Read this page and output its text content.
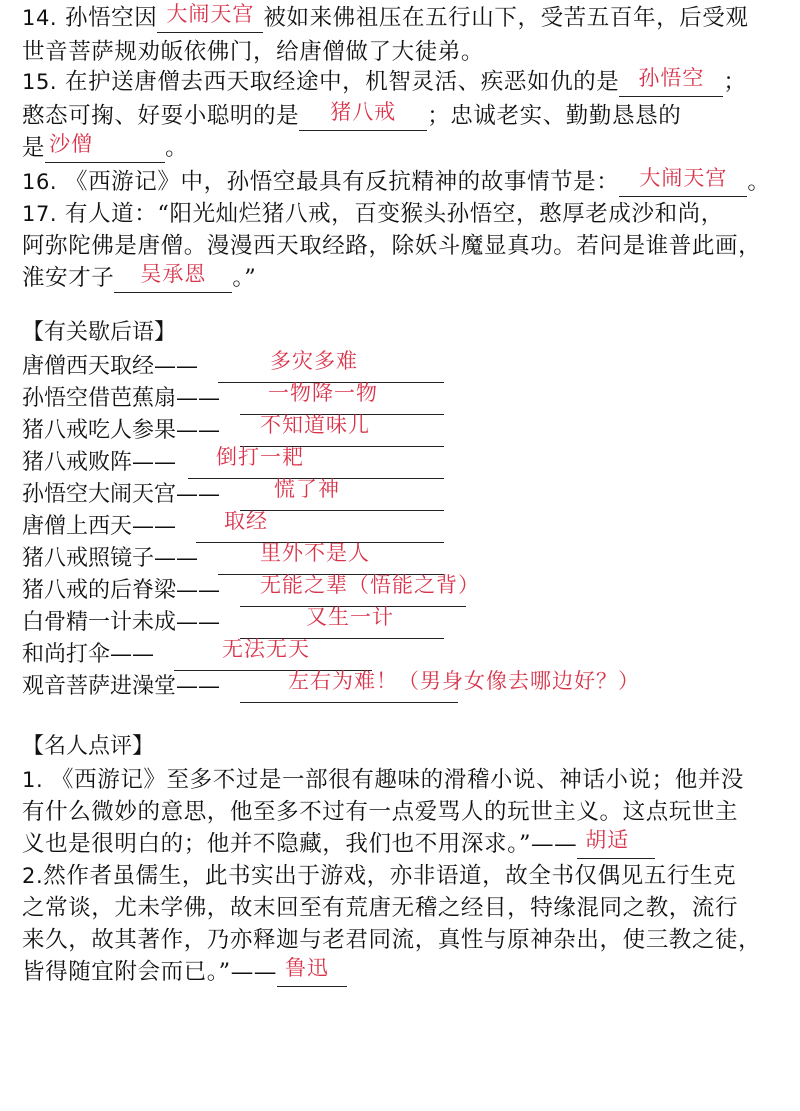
14. 孙悟空因 大闹天宫 被如来佛祖压在五行山下，受苦五百年，后受观
世音菩萨规劝皈依佛门，给唐僧做了大徒弟。
15. 在护送唐僧去西天取经途中，机智灵活、疾恶如仇的是 孙悟空 ；
憨态可掬、好耍小聪明的是 猪八戒 ；忠诚老实、勤勤恳恳的
是 沙僧	。
16. 《西游记》中，孙悟空最具有反抗精神的故事情节是： 大闹天宫 。
17. 有人道：“阳光灿烂猪八戒，百变猴头孙悟空，憨厚老成沙和尚，
阿弥陀佛是唐僧。漫漫西天取经路，除妖斗魔显真功。若问是谁普此画，
淮安才子 吴承恩 。”
【有关歇后语】
唐僧西天取经——	多灾多难
孙悟空借芭蕉扇—— 一物降一物
猪八戒吃人参果—— 不知道味儿
猪八戒败阵—— 倒打一耙
孙悟空大闹天宫——	慌了神
唐僧上西天—— 取经
猪八戒照镜子——	里外不是人
猪八戒的后脊梁—— 无能之辈（悟能之背）
白骨精一计未成——	又生一计
和尚打伞——	无法无天
观音菩萨进澡堂——	左右为难！（男身女像去哪边好？）
【名人点评】
1. 《西游记》至多不过是一部很有趣味的滑稽小说、神话小说；他并没
有什么微妙的意思，他至多不过有一点爱骂人的玩世主义。这点玩世主
义也是很明白的；他并不隐藏，我们也不用深求。”—— 胡适
2.然作者虽儒生，此书实出于游戏，亦非语道，故全书仅偶见五行生克
之常谈，尤未学佛，故末回至有荒唐无稽之经目，特缘混同之教，流行
来久，故其著作，乃亦释迦与老君同流，真性与原神杂出，使三教之徒，
皆得随宜附会而已。”—— 鲁迅
